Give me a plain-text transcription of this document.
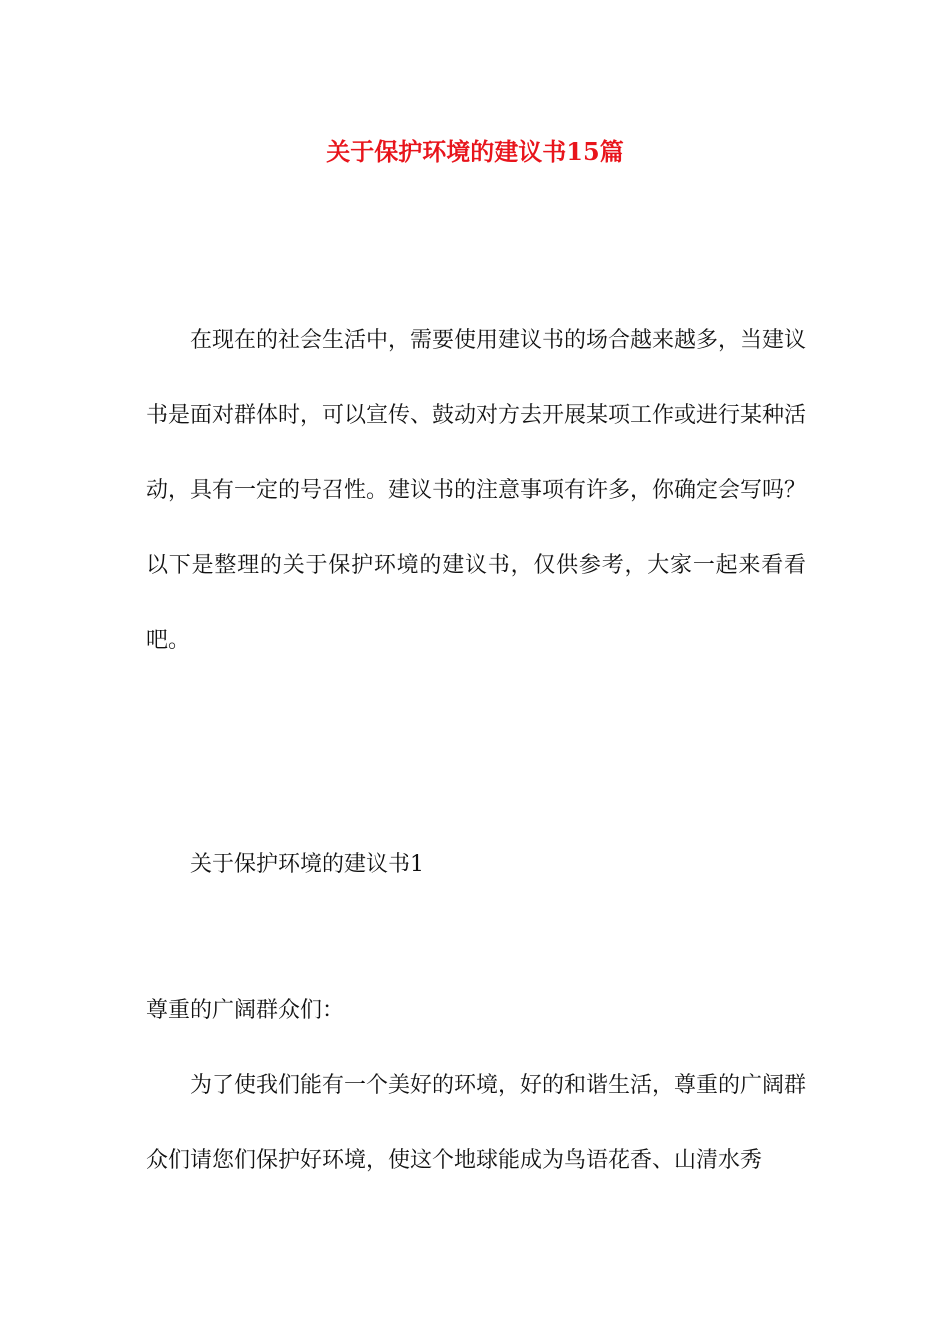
关于保护环境的建议书15篇

在现在的社会生活中，需要使用建议书的场合越来越多，当建议书是面对群体时，可以宣传、鼓动对方去开展某项工作或进行某种活动，具有一定的号召性。建议书的注意事项有许多，你确定会写吗？以下是整理的关于保护环境的建议书，仅供参考，大家一起来看看吧。

关于保护环境的建议书1

尊重的广阔群众们：

为了使我们能有一个美好的环境，好的和谐生活，尊重的广阔群众们请您们保护好环境，使这个地球能成为鸟语花香、山清水秀
